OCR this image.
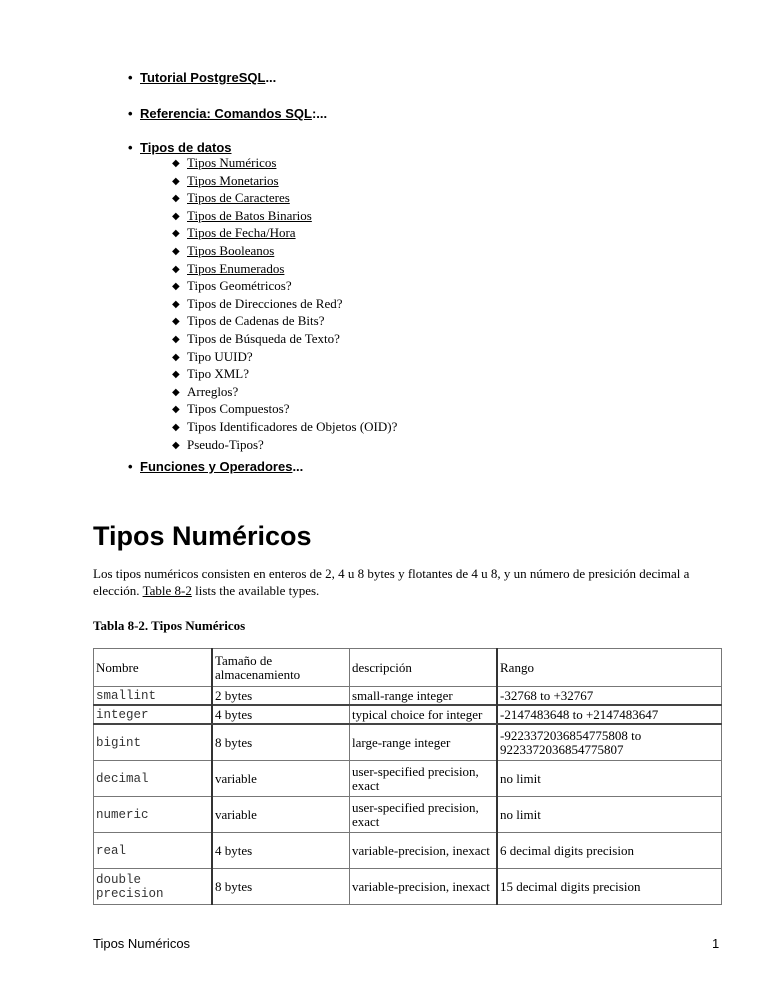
• Tutorial PostgreSQL...
• Referencia: Comandos SQL:...
• Tipos de datos
◆ Tipos Numéricos
◆ Tipos Monetarios
◆ Tipos de Caracteres
◆ Tipos de Batos Binarios
◆ Tipos de Fecha/Hora
◆ Tipos Booleanos
◆ Tipos Enumerados
◆ Tipos Geométricos?
◆ Tipos de Direcciones de Red?
◆ Tipos de Cadenas de Bits?
◆ Tipos de Búsqueda de Texto?
◆ Tipo UUID?
◆ Tipo XML?
◆ Arreglos?
◆ Tipos Compuestos?
◆ Tipos Identificadores de Objetos (OID)?
◆ Pseudo-Tipos?
• Funciones y Operadores...
Tipos Numéricos

Los tipos numéricos consisten en enteros de 2, 4 u 8 bytes y flotantes de 4 u 8, y un número de presición decimal a elección. Table 8-2 lists the available types.

Tabla 8-2. Tipos Numéricos

Nombre	Tamaño de almacenamiento	descripción	Rango
smallint	2 bytes	small-range integer	-32768 to +32767
integer	4 bytes	typical choice for integer	-2147483648 to +2147483647
bigint	8 bytes	large-range integer	-9223372036854775808 to 9223372036854775807
decimal	variable	user-specified precision, exact	no limit
numeric	variable	user-specified precision, exact	no limit
real	4 bytes	variable-precision, inexact	6 decimal digits precision
double precision	8 bytes	variable-precision, inexact	15 decimal digits precision
Tipos Numéricos	1
